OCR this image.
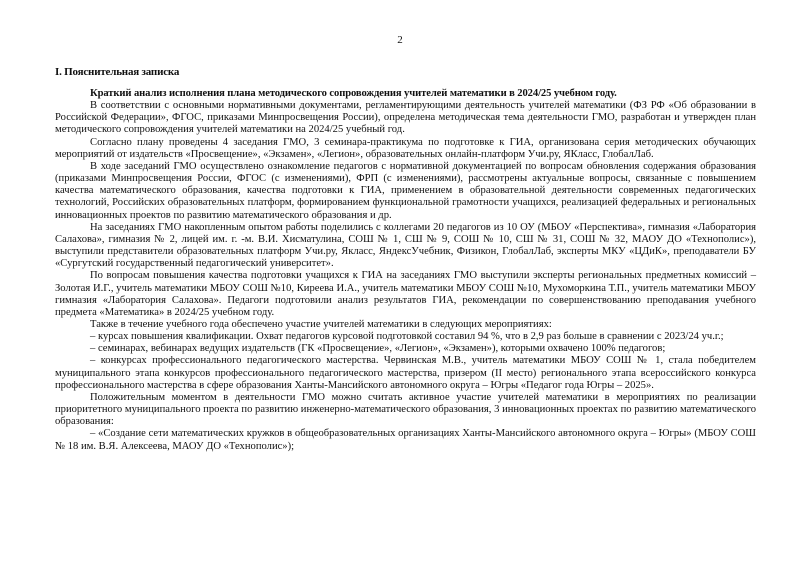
2
I. Пояснительная записка

Краткий анализ исполнения плана методического сопровождения учителей математики в 2024/25 учебном году.

В соответствии с основными нормативными документами, регламентирующими деятельность учителей математики (ФЗ РФ «Об образовании в Российской Федерации», ФГОС, приказами Минпросвещения России), определена методическая тема деятельности ГМО, разработан и утвержден план методического сопровождения учителей математики на 2024/25 учебный год.

Согласно плану проведены 4 заседания ГМО, 3 семинара-практикума по подготовке к ГИА, организована серия методических обучающих мероприятий от издательств «Просвещение», «Экзамен», «Легион», образовательных онлайн-платформ Учи.ру, ЯКласс, ГлобалЛаб.

В ходе заседаний ГМО осуществлено ознакомление педагогов с нормативной документацией по вопросам обновления содержания образования (приказами Минпросвещения России, ФГОС (с изменениями), ФРП (с изменениями), рассмотрены актуальные вопросы, связанные с повышением качества математического образования, качества подготовки к ГИА, применением в образовательной деятельности современных педагогических технологий, Российских образовательных платформ, формированием функциональной грамотности учащихся, реализацией федеральных и региональных инновационных проектов по развитию математического образования и др.

На заседаниях ГМО накопленным опытом работы поделились с коллегами 20 педагогов из 10 ОУ (МБОУ «Перспектива», гимназия «Лаборатория Салахова», гимназия № 2, лицей им. г. -м. В.И. Хисматулина, СОШ № 1, СШ № 9, СОШ № 10, СШ № 31, СОШ № 32, МАОУ ДО «Технополис»), выступили представители образовательных платформ Учи.ру, Яклacc, ЯндексУчебник, Физикон, ГлобалЛаб, эксперты МКУ «ЦДиК», преподаватели БУ «Сургутский государственный педагогический университет».

По вопросам повышения качества подготовки учащихся к ГИА на заседаниях ГМО выступили эксперты региональных предметных комиссий – Золотая И.Г., учитель математики МБОУ СОШ №10, Киреева И.А., учитель математики МБОУ СОШ №10, Мухоморкина Т.П., учитель математики МБОУ гимназия «Лаборатория Салахова». Педагоги подготовили анализ результатов ГИА, рекомендации по совершенствованию преподавания учебного предмета «Математика» в 2024/25 учебном году.

Также в течение учебного года обеспечено участие учителей математики в следующих мероприятиях:

– курсах повышения квалификации. Охват педагогов курсовой подготовкой составил 94 %, что в 2,9 раз больше в сравнении с 2023/24 уч.г.;

– семинарах, вебинарах ведущих издательств (ГК «Просвещение», «Легион», «Экзамен»), которыми охвачено 100% педагогов;

– конкурсах профессионального педагогического мастерства. Червинская М.В., учитель математики МБОУ СОШ № 1, стала победителем муниципального этапа конкурсов профессионального педагогического мастерства, призером (II место) регионального этапа всероссийского конкурса профессионального мастерства в сфере образования Ханты-Мансийского автономного округа – Югры «Педагог года Югры – 2025».

Положительным моментом в деятельности ГМО можно считать активное участие учителей математики в мероприятиях по реализации приоритетного муниципального проекта по развитию инженерно-математического образования, 3 инновационных проектах по развитию математического образования:

– «Создание сети математических кружков в общеобразовательных организациях Ханты-Мансийского автономного округа – Югры» (МБОУ СОШ № 18 им. В.Я. Алексеева, МАОУ ДО «Технополис»);
